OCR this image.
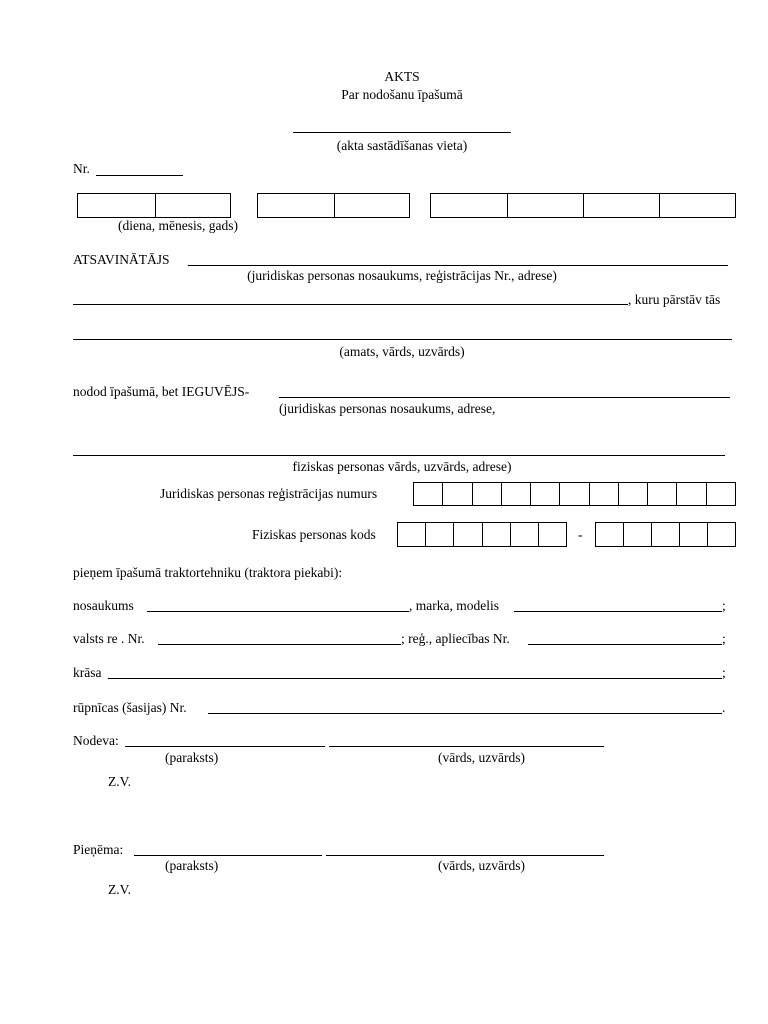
AKTS
Par nodošanu īpašumā
(akta sastādīšanas vieta)
Nr.
(diena, mēnesis, gads)
ATSAVINĀTĀJS
(juridiskas personas nosaukums, reģistrācijas Nr., adrese)
, kuru pārstāv tās
(amats, vārds, uzvārds)
nodod īpašumā, bet IEGUVĒJS-
(juridiskas personas nosaukums, adrese,
fiziskas personas vārds, uzvārds, adrese)
Juridiskas personas reģistrācijas numurs
Fiziskas personas kods	-
pieņem īpašumā traktortehniku (traktora piekabi):
nosaukums	, marka, modelis	;
valsts re . Nr.	; reģ., apliecības Nr.	;
krāsa	;
rūpnīcas (šasijas) Nr.	.
Nodeva:
(paraksts)	(vārds, uzvārds)
Z.V.
Pieņēma:
(paraksts)	(vārds, uzvārds)
Z.V.
